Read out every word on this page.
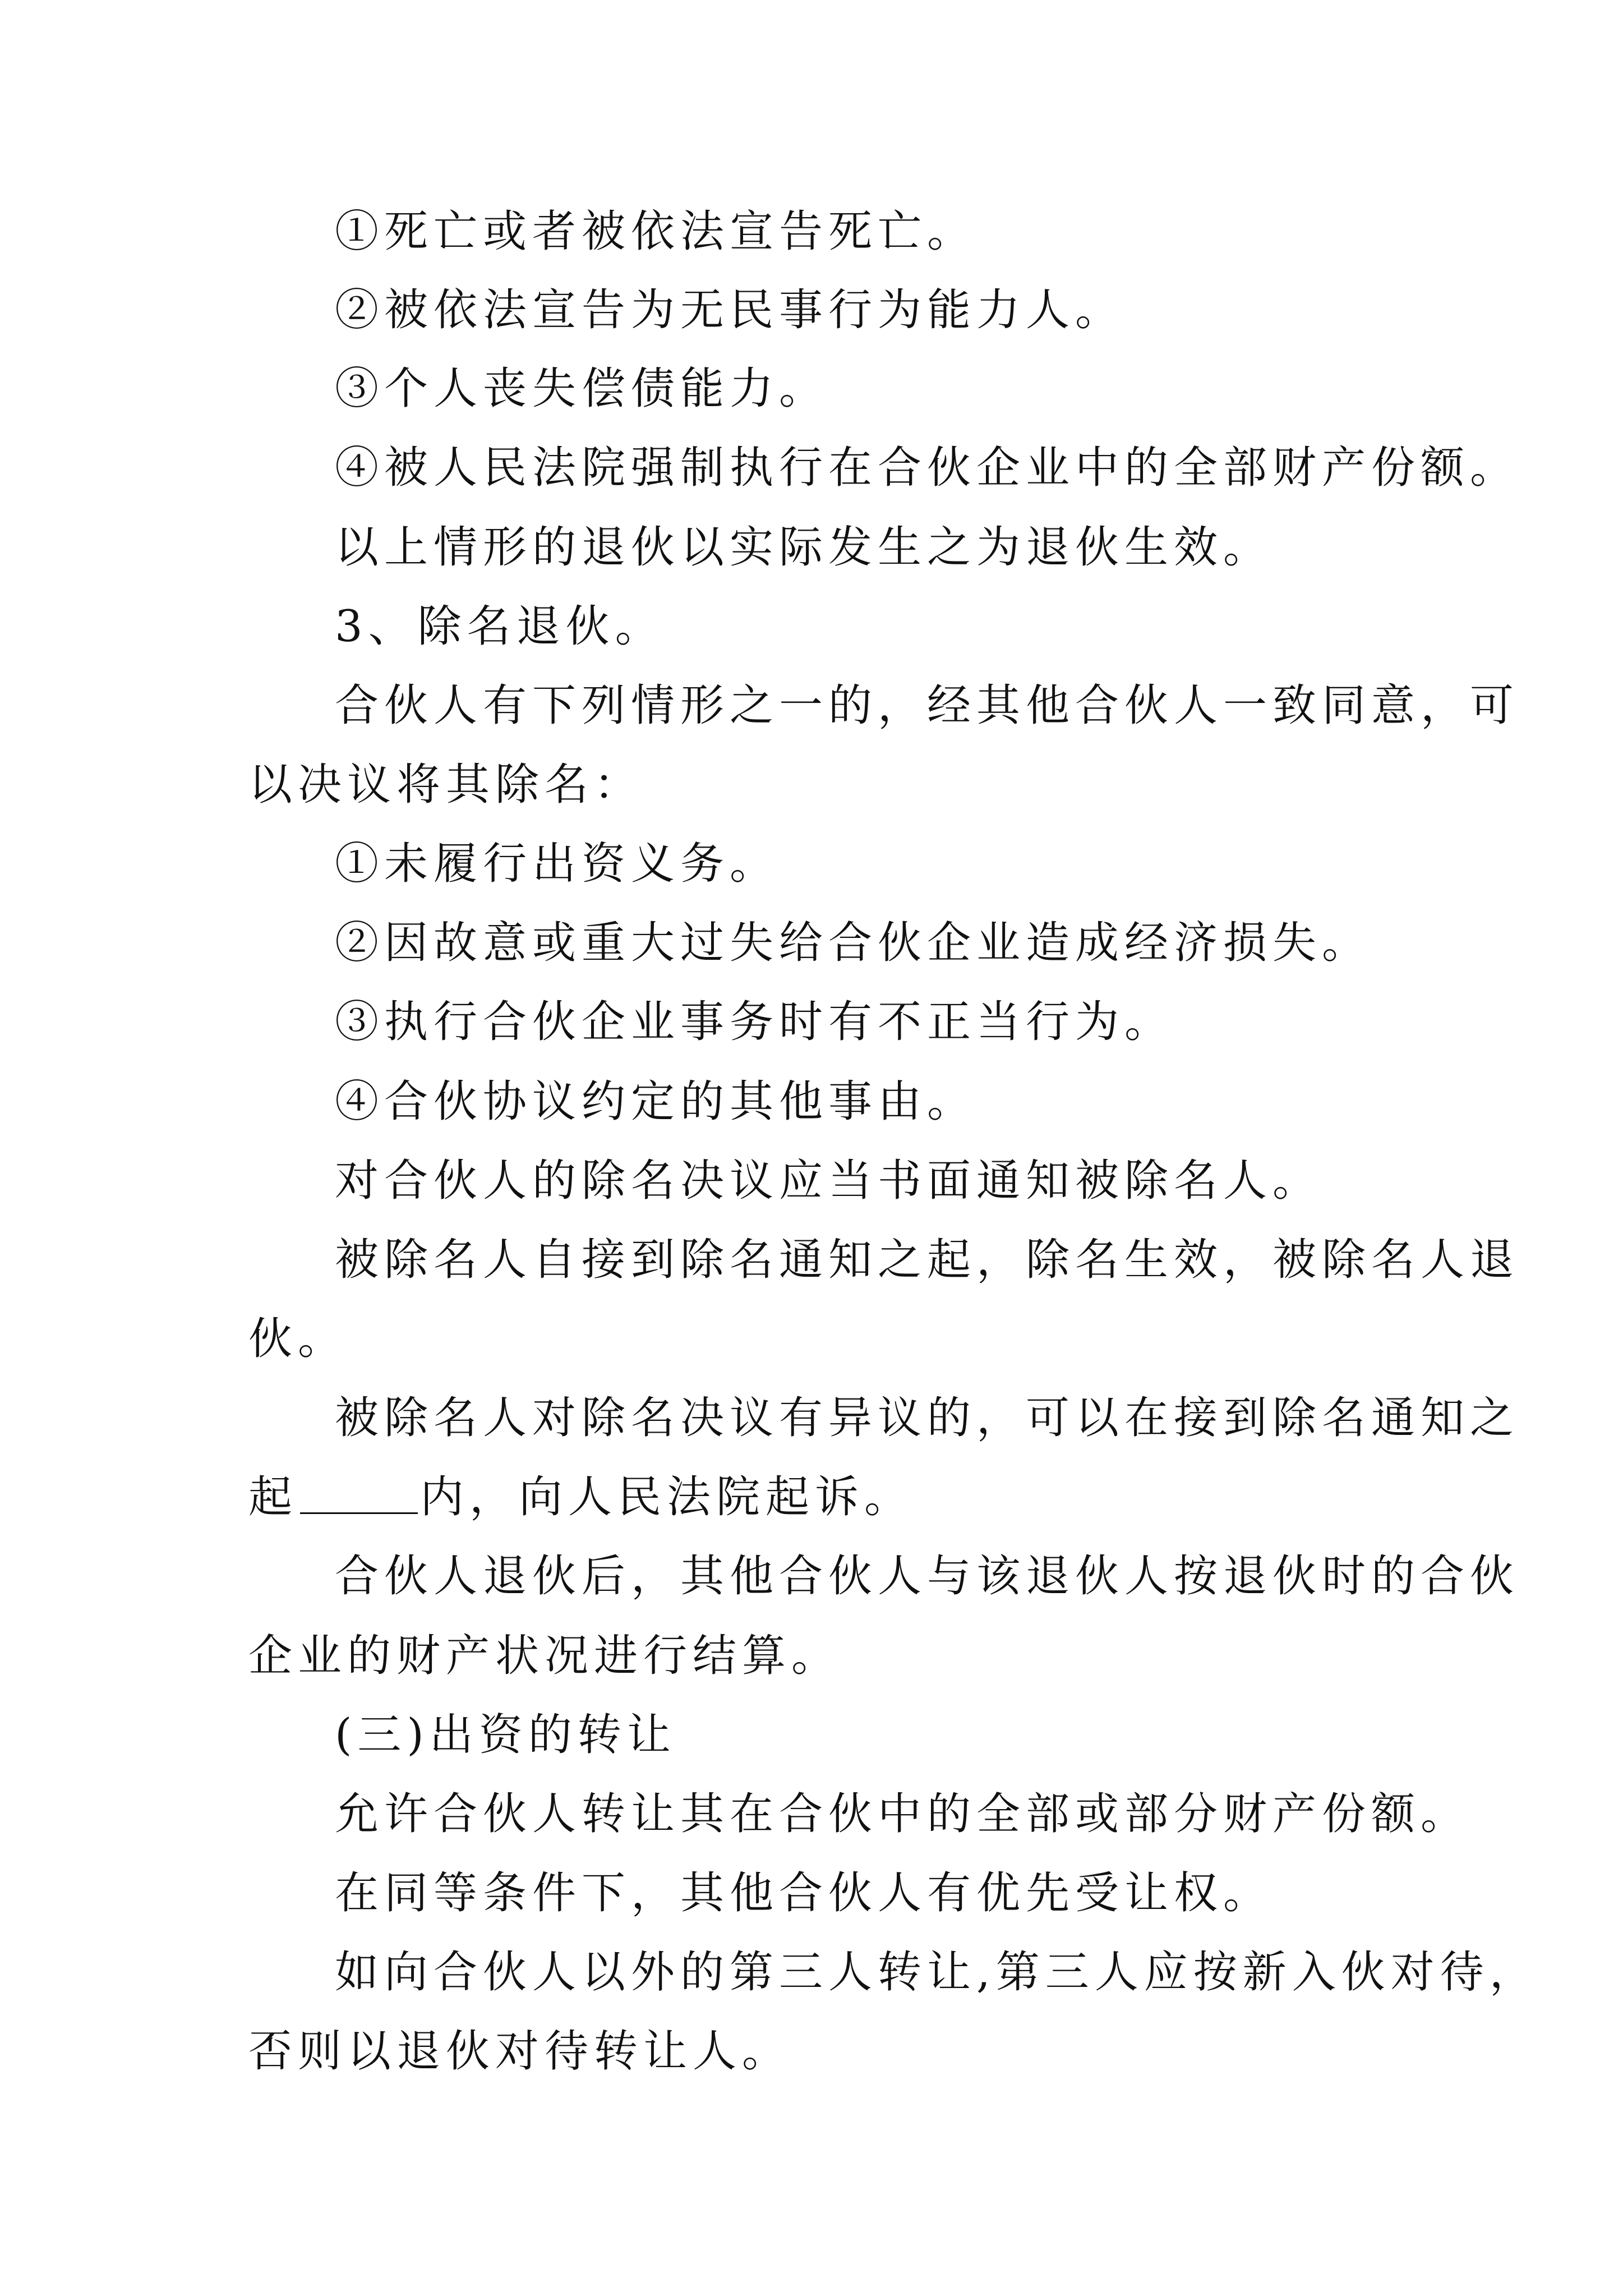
①死亡或者被依法宣告死亡。

②被依法宣告为无民事行为能力人。

③个人丧失偿债能力。

④被人民法院强制执行在合伙企业中的全部财产份额。

以上情形的退伙以实际发生之为退伙生效。

3、除名退伙。

合伙人有下列情形之一的，经其他合伙人一致同意，可

以决议将其除名：

①未履行出资义务。

②因故意或重大过失给合伙企业造成经济损失。

③执行合伙企业事务时有不正当行为。

④合伙协议约定的其他事由。

对合伙人的除名决议应当书面通知被除名人。

被除名人自接到除名通知之起，除名生效，被除名人退

伙。

被除名人对除名决议有异议的，可以在接到除名通知之

起	内，向人民法院起诉。

合伙人退伙后，其他合伙人与该退伙人按退伙时的合伙

企业的财产状况进行结算。

(三)出资的转让

允许合伙人转让其在合伙中的全部或部分财产份额。

在同等条件下，其他合伙人有优先受让权。

如向合伙人以外的第三人转让,第三人应按新入伙对待，

否则以退伙对待转让人。
